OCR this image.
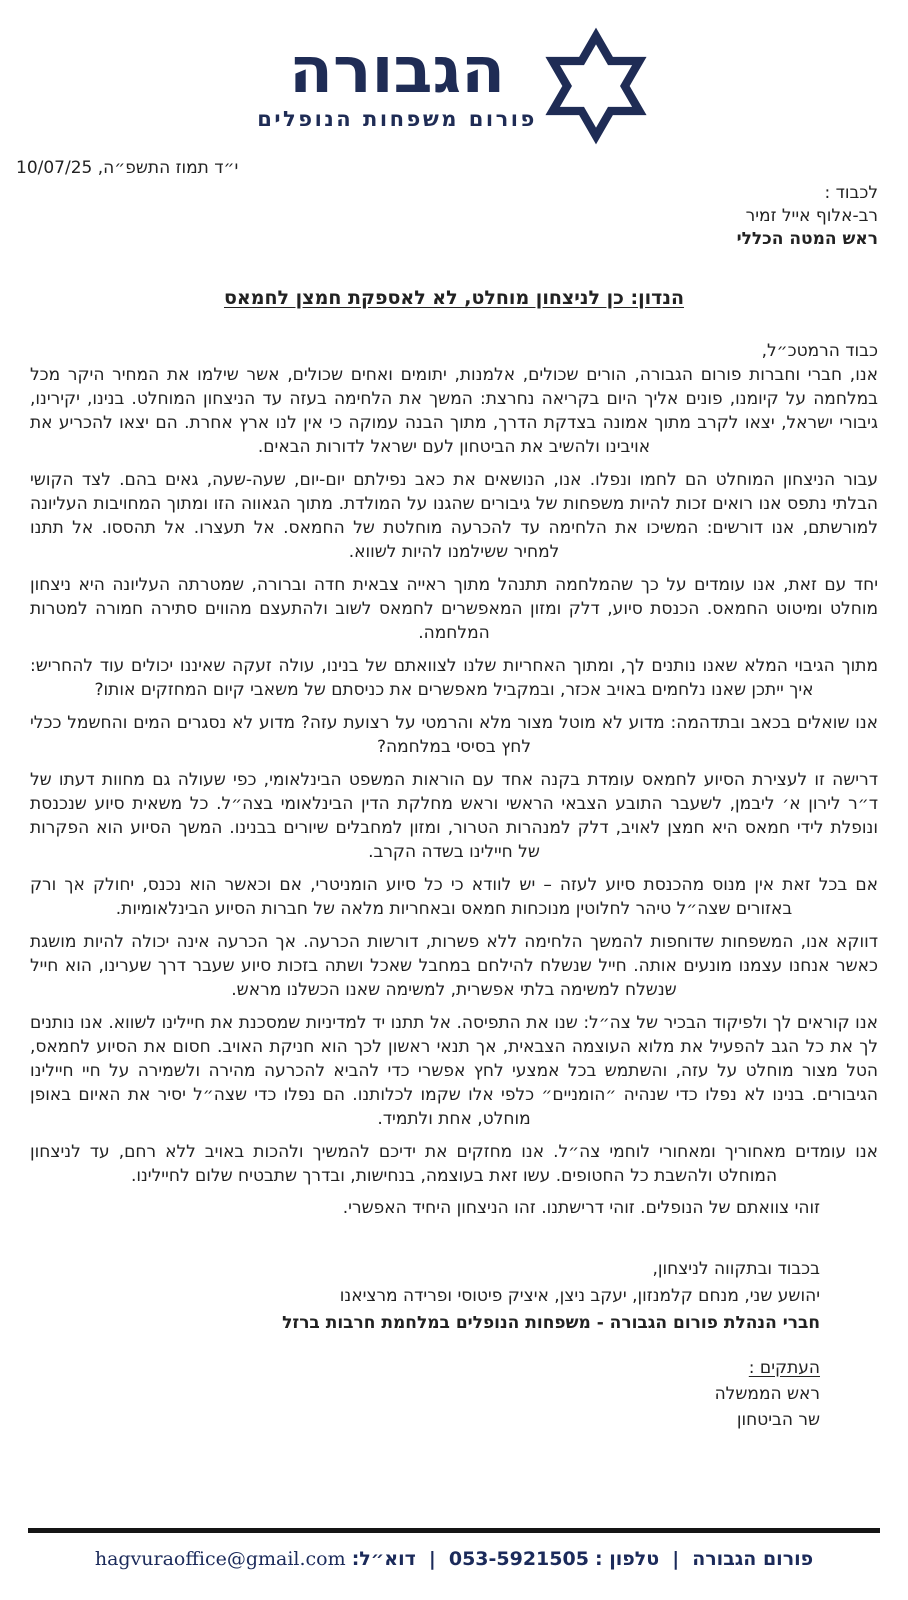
הגבורה
פורום משפחות הנופלים
י״ד תמוז התשפ״ה, 10/07/25
לכבוד :
רב-אלוף אייל זמיר
ראש המטה הכללי
הנדון: כן לניצחון מוחלט, לא לאספקת חמצן לחמאס

כבוד הרמטכ״ל,

אנו, חברי וחברות פורום הגבורה, הורים שכולים, אלמנות, יתומים ואחים שכולים, אשר שילמו את המחיר היקר מכל במלחמה על קיומנו, פונים אליך היום בקריאה נחרצת: המשך את הלחימה בעזה עד הניצחון המוחלט. בנינו, יקירינו, גיבורי ישראל, יצאו לקרב מתוך אמונה בצדקת הדרך, מתוך הבנה עמוקה כי אין לנו ארץ אחרת. הם יצאו להכריע את אויבינו ולהשיב את הביטחון לעם ישראל לדורות הבאים.

עבור הניצחון המוחלט הם לחמו ונפלו. אנו, הנושאים את כאב נפילתם יום-יום, שעה-שעה, גאים בהם. לצד הקושי הבלתי נתפס אנו רואים זכות להיות משפחות של גיבורים שהגנו על המולדת. מתוך הגאווה הזו ומתוך המחויבות העליונה למורשתם, אנו דורשים: המשיכו את הלחימה עד להכרעה מוחלטת של החמאס. אל תעצרו. אל תהססו. אל תתנו למחיר ששילמנו להיות לשווא.

יחד עם זאת, אנו עומדים על כך שהמלחמה תתנהל מתוך ראייה צבאית חדה וברורה, שמטרתה העליונה היא ניצחון מוחלט ומיטוט החמאס. הכנסת סיוע, דלק ומזון המאפשרים לחמאס לשוב ולהתעצם מהווים סתירה חמורה למטרות המלחמה.

מתוך הגיבוי המלא שאנו נותנים לך, ומתוך האחריות שלנו לצוואתם של בנינו, עולה זעקה שאיננו יכולים עוד להחריש: איך ייתכן שאנו נלחמים באויב אכזר, ובמקביל מאפשרים את כניסתם של משאבי קיום המחזקים אותו?

אנו שואלים בכאב ובתדהמה: מדוע לא מוטל מצור מלא והרמטי על רצועת עזה? מדוע לא נסגרים המים והחשמל ככלי לחץ בסיסי במלחמה?

דרישה זו לעצירת הסיוע לחמאס עומדת בקנה אחד עם הוראות המשפט הבינלאומי, כפי שעולה גם מחוות דעתו של ד״ר לירון א׳ ליבמן, לשעבר התובע הצבאי הראשי וראש מחלקת הדין הבינלאומי בצה״ל. כל משאית סיוע שנכנסת ונופלת לידי חמאס היא חמצן לאויב, דלק למנהרות הטרור, ומזון למחבלים שיורים בבנינו. המשך הסיוע הוא הפקרות של חיילינו בשדה הקרב.

אם בכל זאת אין מנוס מהכנסת סיוע לעזה – יש לוודא כי כל סיוע הומניטרי, אם וכאשר הוא נכנס, יחולק אך ורק באזורים שצה״ל טיהר לחלוטין מנוכחות חמאס ובאחריות מלאה של חברות הסיוע הבינלאומיות.

דווקא אנו, המשפחות שדוחפות להמשך הלחימה ללא פשרות, דורשות הכרעה. אך הכרעה אינה יכולה להיות מושגת כאשר אנחנו עצמנו מונעים אותה. חייל שנשלח להילחם במחבל שאכל ושתה בזכות סיוע שעבר דרך שערינו, הוא חייל שנשלח למשימה בלתי אפשרית, למשימה שאנו הכשלנו מראש.

אנו קוראים לך ולפיקוד הבכיר של צה״ל: שנו את התפיסה. אל תתנו יד למדיניות שמסכנת את חיילינו לשווא. אנו נותנים לך את כל הגב להפעיל את מלוא העוצמה הצבאית, אך תנאי ראשון לכך הוא חניקת האויב. חסום את הסיוע לחמאס, הטל מצור מוחלט על עזה, והשתמש בכל אמצעי לחץ אפשרי כדי להביא להכרעה מהירה ולשמירה על חיי חיילינו הגיבורים. בנינו לא נפלו כדי שנהיה ״הומניים״ כלפי אלו שקמו לכלותנו. הם נפלו כדי שצה״ל יסיר את האיום באופן מוחלט, אחת ולתמיד.

אנו עומדים מאחוריך ומאחורי לוחמי צה״ל. אנו מחזקים את ידיכם להמשיך ולהכות באויב ללא רחם, עד לניצחון המוחלט ולהשבת כל החטופים. עשו זאת בעוצמה, בנחישות, ובדרך שתבטיח שלום לחיילינו.

זוהי צוואתם של הנופלים. זוהי דרישתנו. זהו הניצחון היחיד האפשרי.
בכבוד ובתקווה לניצחון,
יהושע שני, מנחם קלמנזון, יעקב ניצן, איציק פיטוסי ופרידה מרציאנו
חברי הנהלת פורום הגבורה - משפחות הנופלים במלחמת חרבות ברזל
העתקים :
ראש הממשלה
שר הביטחון
פורום הגבורה | טלפון : 053-5921505 | דוא״ל: hagvuraoffice@gmail.com
